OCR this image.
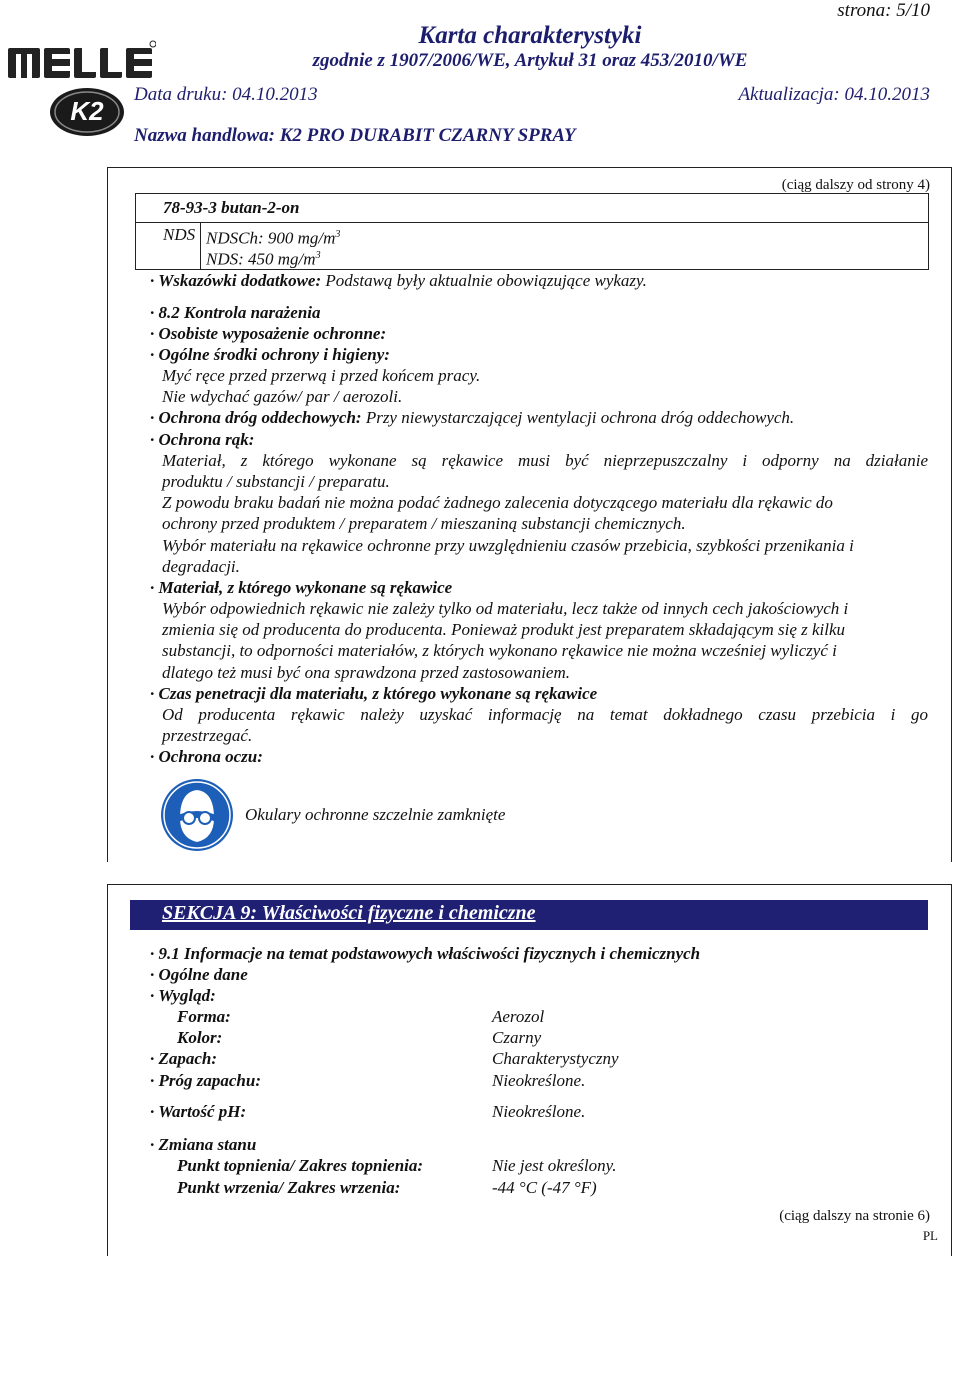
K2
strona: 5/10
Karta charakterystyki
zgodnie z 1907/2006/WE, Artykuł 31 oraz 453/2010/WE
Data druku: 04.10.2013	Aktualizacja: 04.10.2013
Nazwa handlowa: K2 PRO DURABIT CZARNY SPRAY
(ciąg dalszy od strony 4)
78-93-3 butan-2-on
NDS NDSCh: 900 $mg/m^3$
NDS: 450 $mg/m^3$
· Wskazówki dodatkowe: Podstawą były aktualnie obowiązujące wykazy.
· 8.2 Kontrola narażenia
· Osobiste wyposażenie ochronne:
· Ogólne środki ochrony i higieny:
Myć ręce przed przerwą i przed końcem pracy.
Nie wdychać gazów/ par / aerozoli.
· Ochrona dróg oddechowych: Przy niewystarczającej wentylacji ochrona dróg oddechowych.
· Ochrona rąk:
Materiał, z którego wykonane są rękawice musi być nieprzepuszczalny i odporny na działanie
produktu / substancji / preparatu.
Z powodu braku badań nie można podać żadnego zalecenia dotyczącego materiału dla rękawic do
ochrony przed produktem / preparatem / mieszaniną substancji chemicznych.
Wybór materiału na rękawice ochronne przy uwzględnieniu czasów przebicia, szybkości przenikania i
degradacji.
· Materiał, z którego wykonane są rękawice
Wybór odpowiednich rękawic nie zależy tylko od materiału, lecz także od innych cech jakościowych i
zmienia się od producenta do producenta. Ponieważ produkt jest preparatem składającym się z kilku
substancji, to odporności materiałów, z których wykonano rękawice nie można wcześniej wyliczyć i
dlatego też musi być ona sprawdzona przed zastosowaniem.
· Czas penetracji dla materiału, z którego wykonane są rękawice
Od producenta rękawic należy uzyskać informację na temat dokładnego czasu przebicia i go
przestrzegać.
· Ochrona oczu:
Okulary ochronne szczelnie zamknięte
SEKCJA 9: Właściwości fizyczne i chemiczne
· 9.1 Informacje na temat podstawowych właściwości fizycznych i chemicznych
· Ogólne dane
· Wygląd:
Forma:	Aerozol
Kolor:	Czarny
· Zapach:	Charakterystyczny
· Próg zapachu:	Nieokreślone.
· Wartość pH:	Nieokreślone.
· Zmiana stanu
Punkt topnienia/ Zakres topnienia:	Nie jest określony.
Punkt wrzenia/ Zakres wrzenia:	-44 °C (-47 °F)
(ciąg dalszy na stronie 6)
PL
